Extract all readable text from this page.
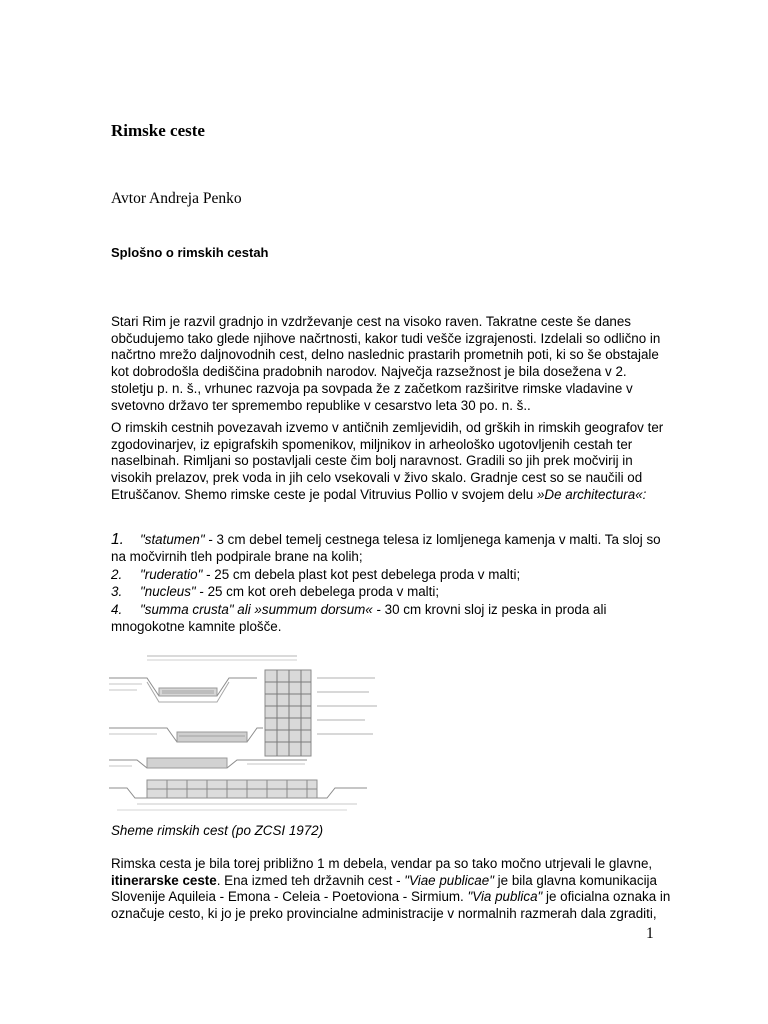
Rimske ceste
Avtor Andreja Penko
Splošno o rimskih cestah
Stari Rim je razvil gradnjo in vzdrževanje cest na visoko raven. Takratne ceste še danes občudujemo tako glede njihove načrtnosti, kakor tudi vešče izgrajenosti. Izdelali so odlično in načrtno mrežo daljnovodnih cest, delno naslednic prastarih prometnih poti, ki so še obstajale kot dobrodošla dediščina pradobnih narodov. Največja razsežnost je bila dosežena v 2. stoletju p. n. š., vrhunec razvoja pa sovpada že z začetkom razširitve rimske vladavine v svetovno državo ter spremembo republike v cesarstvo leta 30 po. n. š..
O rimskih cestnih povezavah izvemo v antičnih zemljevidih, od grških in rimskih geografov ter zgodovinarjev, iz epigrafskih spomenikov, miljnikov in arheološko ugotovljenih cestah ter naselbinah. Rimljani so postavljali ceste čim bolj naravnost. Gradili so jih prek močvirij in visokih prelazov, prek voda in jih celo vsekovali v živo skalo. Gradnje cest so se naučili od Etruščanov. Shemo rimske ceste je podal Vitruvius Pollio v svojem delu »De architectura«:
1. "statumen" - 3 cm debel temelj cestnega telesa iz lomljenega kamenja v malti. Ta sloj so na močvirnih tleh podpirale brane na kolih;
2. "ruderatio" - 25 cm debela plast kot pest debelega proda v malti;
3. "nucleus" - 25 cm kot oreh debelega proda v malti;
4. "summa crusta" ali »summum dorsum« - 30 cm krovni sloj iz peska in proda ali mnogokotne kamnite plošče.
Sheme rimskih cest (po ZCSI 1972)
Rimska cesta je bila torej približno 1 m debela, vendar pa so tako močno utrjevali le glavne, itinerarske ceste. Ena izmed teh državnih cest - "Viae publicae" je bila glavna komunikacija Slovenije Aquileia - Emona - Celeia - Poetoviona - Sirmium. "Via publica" je oficialna oznaka in označuje cesto, ki jo je preko provincialne administracije v normalnih razmerah dala zgraditi,
1
